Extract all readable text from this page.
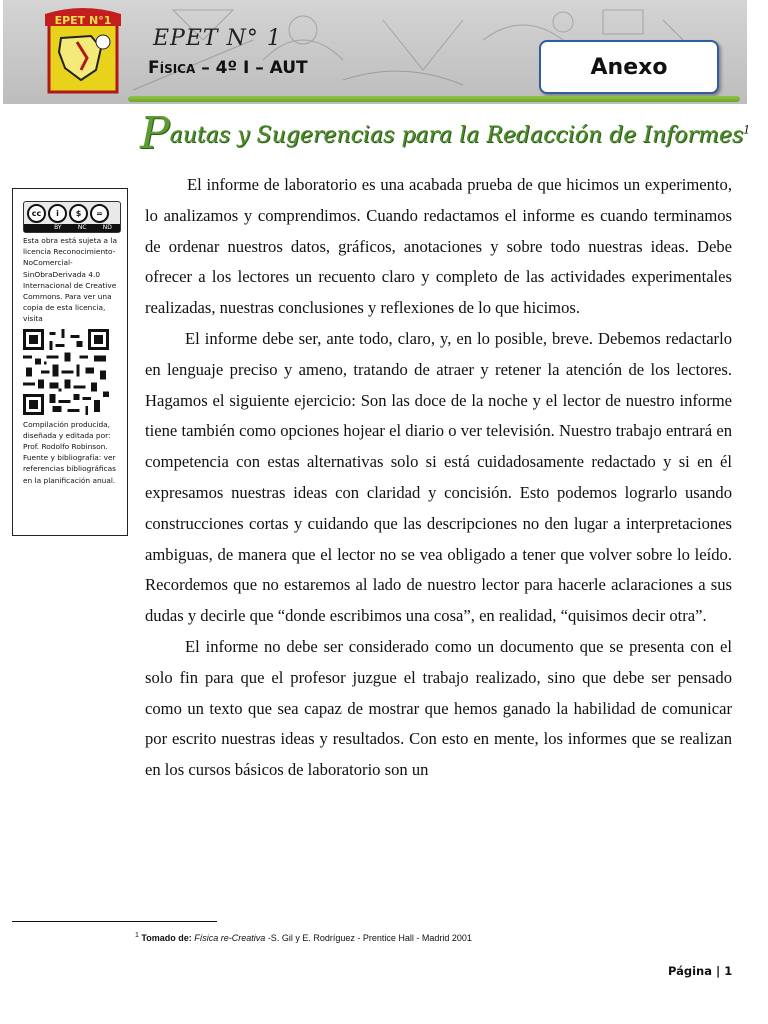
EPET N°1
EPET N° 1
Física – 4º I – AUT	Anexo
Pautas y Sugerencias para la Redacción de Informes$^1$
cc	i	$	=
BY	NC	ND
Esta obra está sujeta a la licencia Reconocimiento-NoComercial-SinObraDerivada 4.0 Internacional de Creative Commons. Para ver una copia de esta licencia, visita
Compilación producida, diseñada y editada por: Prof. Rodolfo Robinson. Fuente y bibliografía: ver referencias bibliográficas en la planificación anual.

El informe de laboratorio es una acabada prueba de que hicimos un experimento, lo analizamos y comprendimos. Cuando redactamos el informe es cuando terminamos de ordenar nuestros datos, gráficos, anotaciones y sobre todo nuestras ideas. Debe ofrecer a los lectores un recuento claro y completo de las actividades experimentales realizadas, nuestras conclusiones y reflexiones de lo que hicimos.

El informe debe ser, ante todo, claro, y, en lo posible, breve. Debemos redactarlo en lenguaje preciso y ameno, tratando de atraer y retener la atención de los lectores. Hagamos el siguiente ejercicio: Son las doce de la noche y el lector de nuestro informe tiene también como opciones hojear el diario o ver televisión. Nuestro trabajo entrará en competencia con estas alternativas solo si está cuidadosamente redactado y si en él expresamos nuestras ideas con claridad y concisión. Esto podemos lograrlo usando construcciones cortas y cuidando que las descripciones no den lugar a interpretaciones ambiguas, de manera que el lector no se vea obligado a tener que volver sobre lo leído. Recordemos que no estaremos al lado de nuestro lector para hacerle aclaraciones a sus dudas y decirle que “donde escribimos una cosa”, en realidad, “quisimos decir otra”.

El informe no debe ser considerado como un documento que se presenta con el solo fin para que el profesor juzgue el trabajo realizado, sino que debe ser pensado como un texto que sea capaz de mostrar que hemos ganado la habilidad de comunicar por escrito nuestras ideas y resultados. Con esto en mente, los informes que se realizan en los cursos básicos de laboratorio son un

$^1$ Tomado de: Física re-Creativa -S. Gil y E. Rodríguez - Prentice Hall - Madrid 2001
Página | 1
